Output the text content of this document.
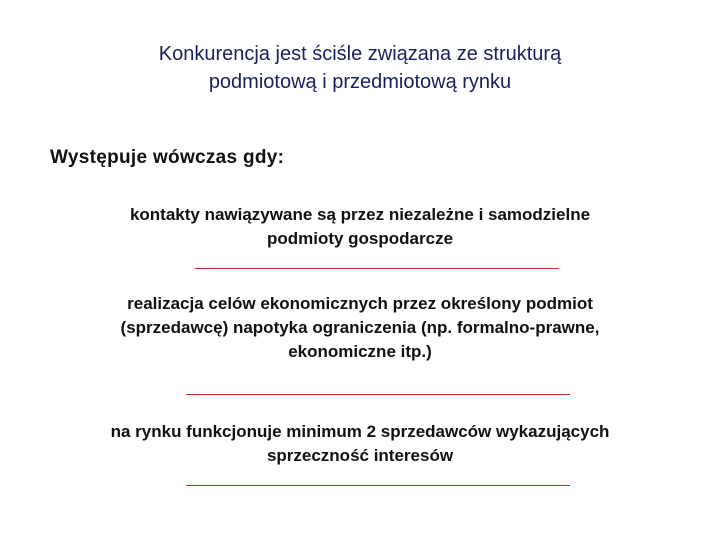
Konkurencja jest ściśle związana ze strukturą
podmiotową i przedmiotową rynku
Występuje wówczas gdy:
kontakty nawiązywane są przez niezależne i samodzielne
podmioty gospodarcze
realizacja celów ekonomicznych przez określony podmiot
(sprzedawcę) napotyka ograniczenia (np. formalno-prawne,
ekonomiczne itp.)
na rynku funkcjonuje minimum 2 sprzedawców wykazujących
sprzeczność interesów
